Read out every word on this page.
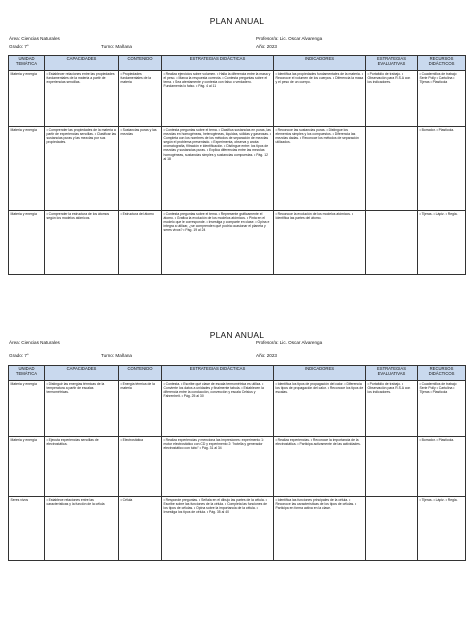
PLAN ANUAL
Área: Ciencias Naturales	Profesor/a: Lic. Oscar Alvarenga
Grado: 7°	Turno: Mañana	Año: 2023
UNIDAD TEMÁTICA	CAPACIDADES	CONTENIDO	ESTRATEGIAS DIDÁCTICAS	INDICADORES	ESTRATEGIAS EVALUATIVAS	RECURSOS DIDÁCTICOS
Materia y energía	• Establecer relaciones entre las propiedades fundamentales de la materia a partir de experiencias sencillas.	• Propiedades fundamentales de la materia	• Realiza ejercicios sobre volumen. • Halla la diferencia entre la masa y el peso. • Marca la respuesta correcta. • Contesta preguntas sobre el tema. • Sea atentamente y contesta con falso o verdadero. Fundamenta lo falso. • Pág. 4 al 11	• Identifica las propiedades fundamentales de la materia. • Reconoce el volumen de los cuerpos. • Diferencia la masa y el peso de un cuerpo.	• Portafolio de trabajo. • Observación para R.S.A con los indicadores.	• Cuadernillos de trabajo Serie Polly • Cartulina • Tijeras • Plasticola
Materia y energía	• Comprender las propiedades de la materia a partir de experiencias sencillas. • Clasificar las sustancias puras y las mezclas por sus propiedades.	• Sustancias puras y las mezclas	• Contesta preguntas sobre el tema. • Clasifica sustancias en puras, las mezclas en homogéneas, heterogéneas, líquidas, sólidas y gaseosas. • Completa con los nombres de los métodos de separación de mezclas según el problema presentado. • Experimenta, observa y anota: cromatografía, filtración e identificación. • Distingue entre: los tipos de mezclas y sustancias puras. • Explica diferencias entre las mezclas homogéneas, sustancias simples y sustancias compuestas. • Pág. 12 al 18	• Reconoce las sustancias puras. • Distingue los elementos simples y los compuestos. • Diferencia las mezclas dadas. • Reconoce los métodos de separación utilizados.		• Borrador. • Plasticola.
Materia y energía	• Comprender la estructura de los átomos según los modelos atómicos.	• Estructura del átomo	• Contesta preguntas sobre el tema. • Represente gráficamente el átomo. • Grafica la evolución de los modelos atómicos. • Pinta en el modelo que le corresponde. • Investiga y comparte en clase. • Opina e integra a utilizar, ¿se comprenden qué podría ocasionar el planeta y seres vivos? • Pág. 19 al 24	• Reconoce la evolución de los modelos atómicos. • Identifica las partes del átomo.		• Tijeras. • Lápiz. • Regla.
PLAN ANUAL
Área: Ciencias Naturales	Profesor/a: Lic. Oscar Alvarenga
Grado: 7°	Turno: Mañana	Año: 2023
UNIDAD TEMÁTICA	CAPACIDADES	CONTENIDO	ESTRATEGIAS DIDÁCTICAS	INDICADORES	ESTRATEGIAS EVALUATIVAS	RECURSOS DIDÁCTICOS
Materia y energía	• Distinguir las energías térmicas de la temperatura a partir de escalas termométricas.	• Energía térmica de la materia	• Contesta. • Escribe qué clase de escala termométrica es utiliza. • Convierte los datos a unidades y finalmente tabula. • Establecen la diferencia entre la conducción, convección y escala Celsius y Fahrenheit. • Pág. 25 al 30	• Identifica los tipos de propagación del calor. • Diferencia los tipos de propagación del calor. • Reconoce los tipos de escalas.	• Portafolio de trabajo. • Observación para R.S.A con los indicadores.	• Cuadernillos de trabajo Serie Polly • Cartulina • Tijeras • Plasticola
Materia y energía	• Ejecuta experiencias sencillas de electrostática.	• Electrostática	• Realiza experiencias y menciona las impresiones: experimento 1: motor electrostático con CD y experimento 2: "botella y generador electrostático con tubo" • Pág. 31 al 34	• Realiza experiencias. • Reconoce la importancia de la electrostática. • Participa activamente de las actividades.		• Borrador. • Plasticola.
Seres vivos	• Establece relaciones entre las características y la función de la célula	• Célula	• Responde preguntas. • Señala en el dibujo las partes de la célula. • Escribe sobre las funciones de la célula. • Completa las funciones de los tipos de células. • Opina sobre la importancia de la célula. • Investiga los tipos de célula. • Pág. 35 al 40	• Identifica las funciones principales de la célula. • Reconoce las características de los tipos de células. • Participa en forma activa en la clase.		• Tijeras. • Lápiz. • Regla.
